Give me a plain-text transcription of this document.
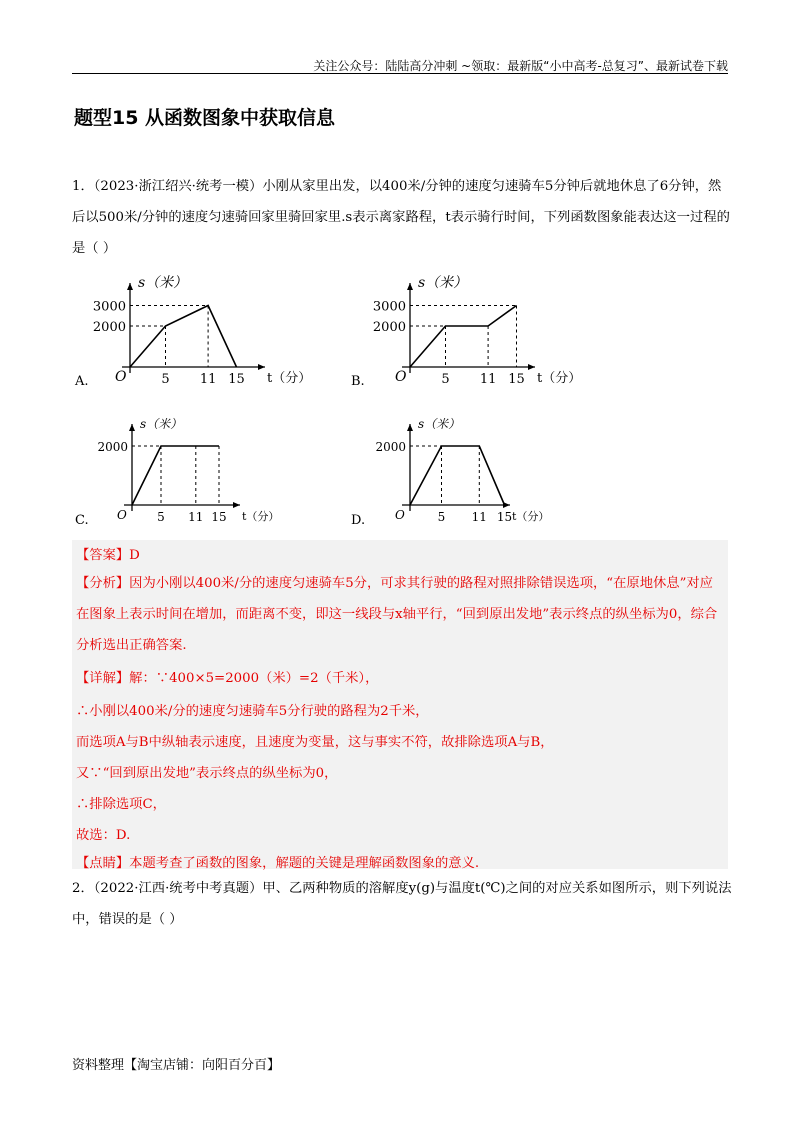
关注公众号：陆陆高分冲刺 ~领取：最新版“小中高考-总复习”、最新试卷下载
题型15 从函数图象中获取信息
1．（2023·浙江绍兴·统考一模）小刚从家里出发，以400米/分钟的速度匀速骑车5分钟后就地休息了6分钟，然后以500米/分钟的速度匀速骑回家里骑回家里.s表示离家路程，t表示骑行时间，下列函数图象能表达这一过程的是（ ）
s（米）
t（分）
O	5 11 15
2000
3000
A.
s（米）
t（分）
O	5 11 15
2000
3000
B.
s（米）
t（分）
O	5 11 15
2000
C.
s（米）
t（分）
O	5 11 15
2000
D.
【答案】D
【分析】因为小刚以400米/分的速度匀速骑车5分，可求其行驶的路程对照排除错误选项，“在原地休息”对应在图象上表示时间在增加，而距离不变，即这一线段与x轴平行，“回到原出发地”表示终点的纵坐标为0，综合分析选出正确答案.
【详解】解：∵400×5=2000（米）=2（千米），
∴小刚以400米/分的速度匀速骑车5分行驶的路程为2千米，
而选项A与B中纵轴表示速度，且速度为变量，这与事实不符，故排除选项A与B，
又∵“回到原出发地”表示终点的纵坐标为0，
∴排除选项C，
故选：D.
【点睛】本题考查了函数的图象，解题的关键是理解函数图象的意义.
2．（2022·江西·统考中考真题）甲、乙两种物质的溶解度y(g)与温度t(℃)之间的对应关系如图所示，则下列说法中，错误的是（ ）
资料整理【淘宝店铺：向阳百分百】
